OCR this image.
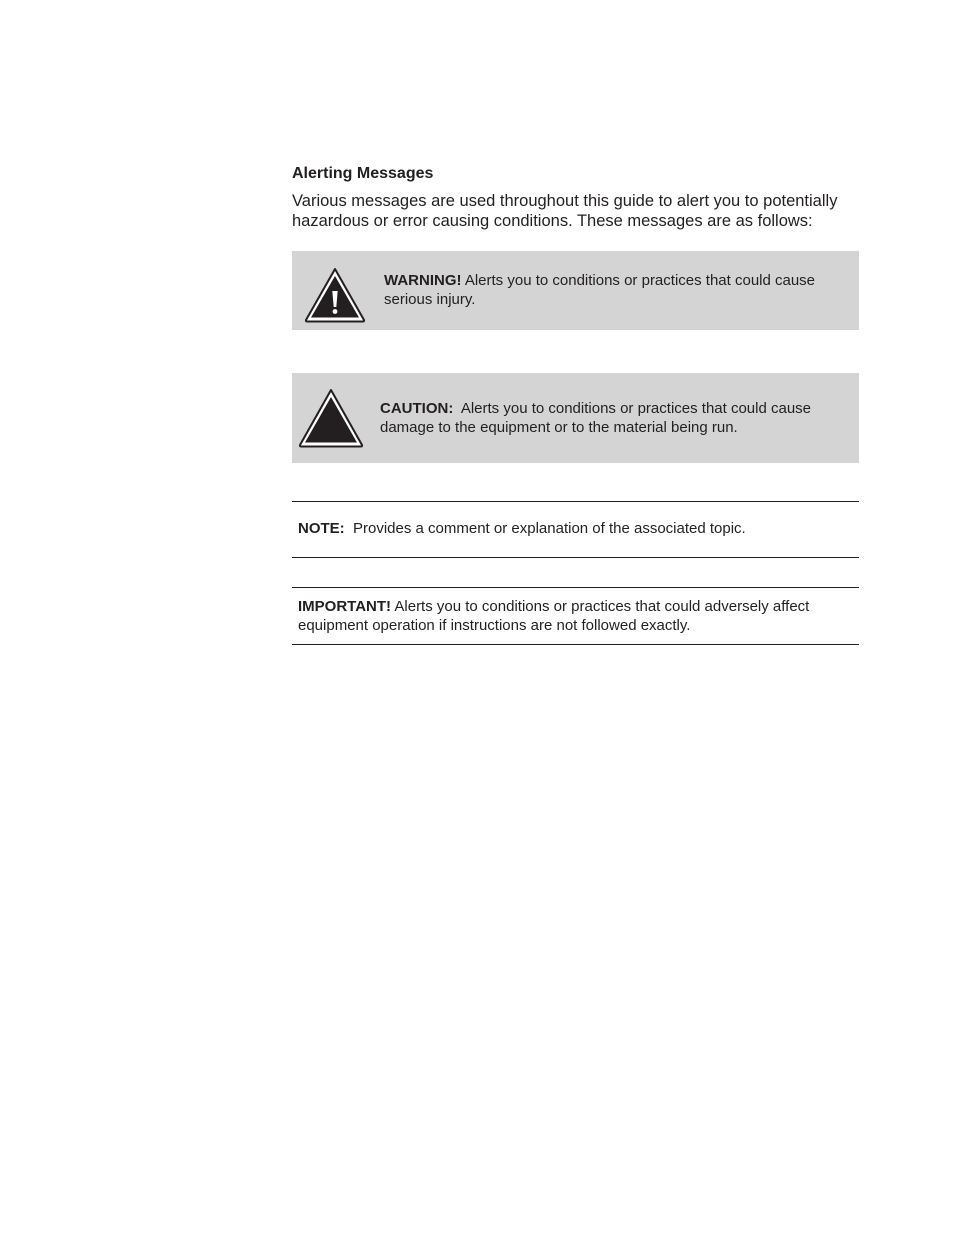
Alerting Messages

Various messages are used throughout this guide to alert you to potentially hazardous or error causing conditions. These messages are as follows:

WARNING! Alerts you to conditions or practices that could cause serious injury.

CAUTION:  Alerts you to conditions or practices that could cause damage to the equipment or to the material being run.

NOTE:  Provides a comment or explanation of the associated topic.

IMPORTANT! Alerts you to conditions or practices that could adversely affect equipment operation if instructions are not followed exactly.
